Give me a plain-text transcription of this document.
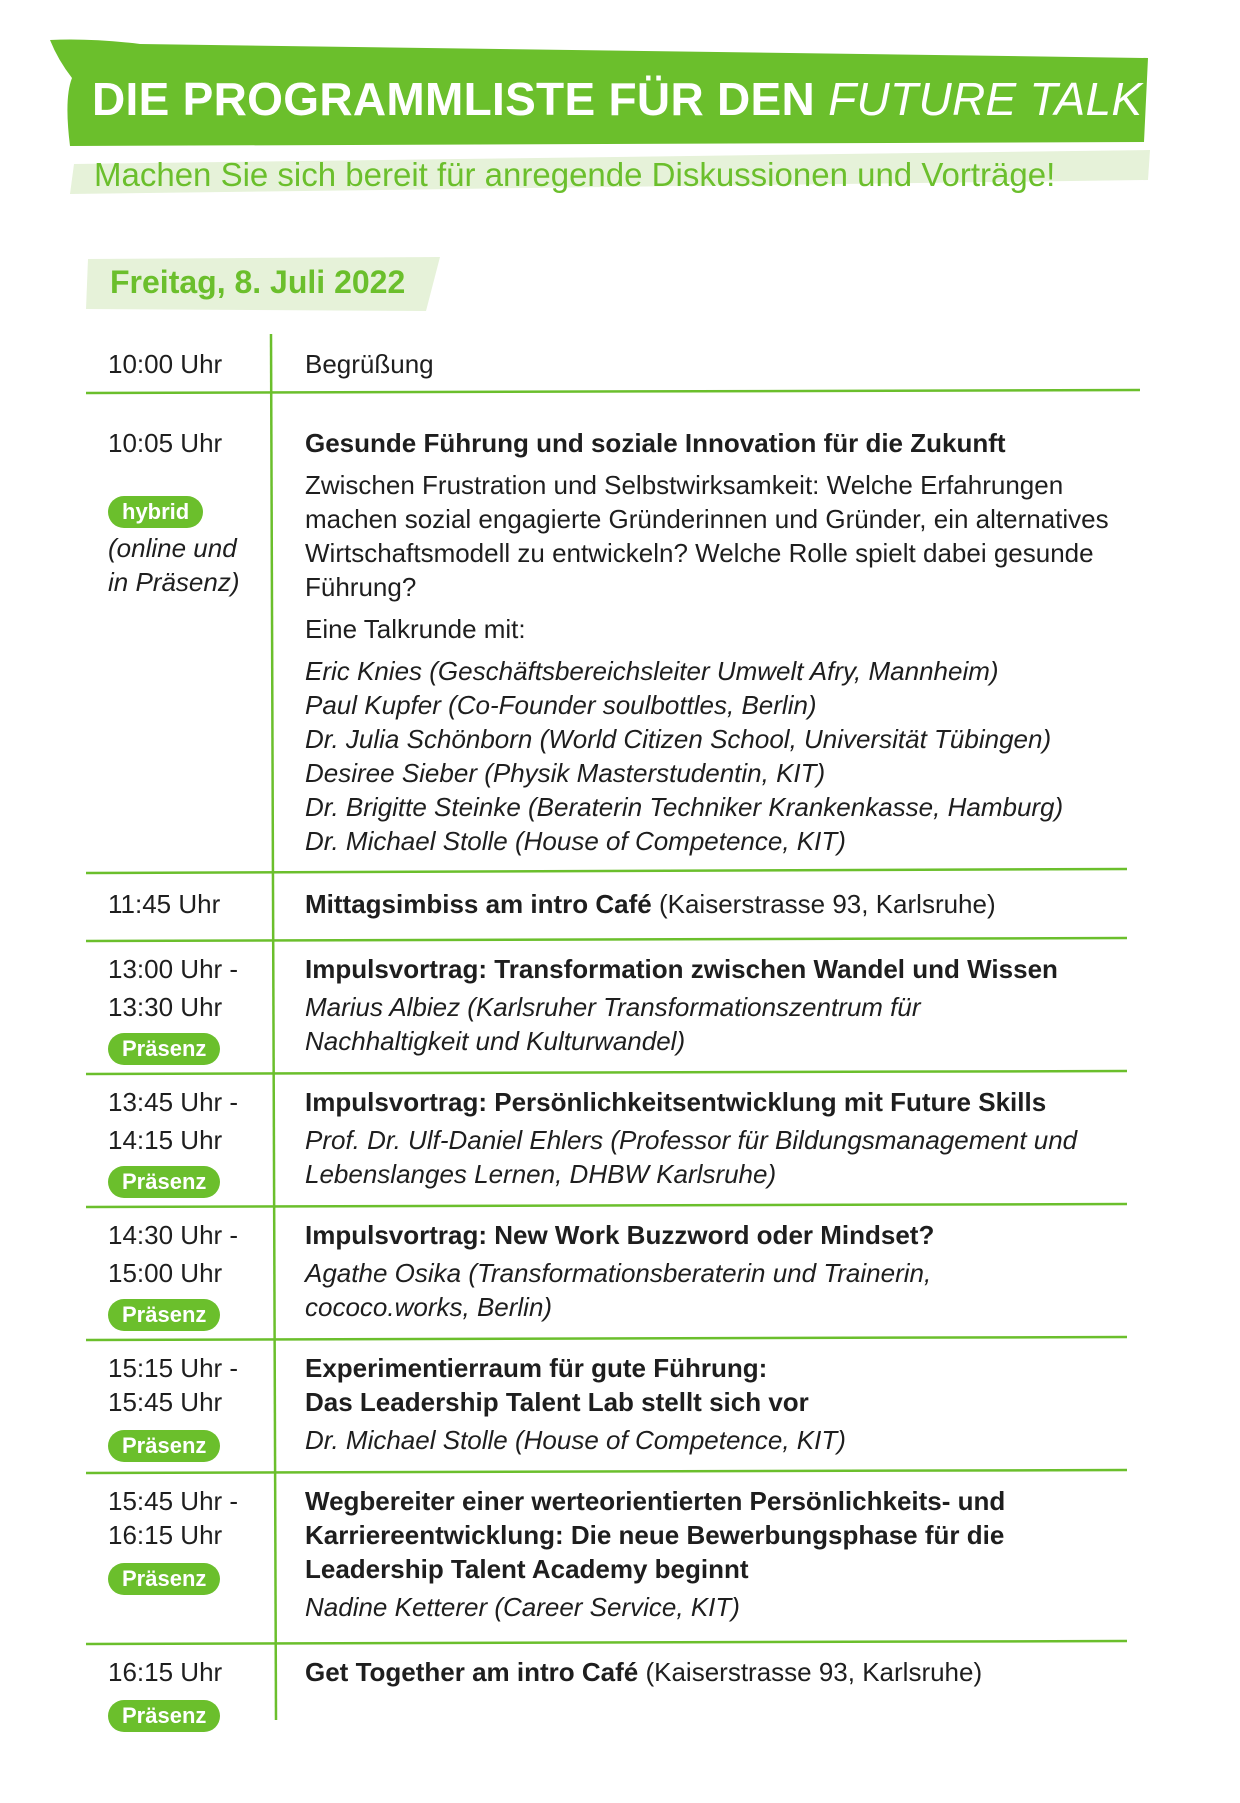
DIE PROGRAMMLISTE FÜR DEN FUTURE TALK
Machen Sie sich bereit für anregende Diskussionen und Vorträge!
Freitag, 8. Juli 2022
10:00 Uhr	Begrüßung
10:05 Uhr
hybrid
(online und
in Präsenz)

Gesunde Führung und soziale Innovation für die Zukunft

Zwischen Frustration und Selbstwirksamkeit: Welche Erfahrungen

machen sozial engagierte Gründerinnen und Gründer, ein alternatives

Wirtschaftsmodell zu entwickeln? Welche Rolle spielt dabei gesunde

Führung?

Eine Talkrunde mit:

Eric Knies (Geschäftsbereichsleiter Umwelt Afry, Mannheim)

Paul Kupfer (Co-Founder soulbottles, Berlin)

Dr. Julia Schönborn (World Citizen School, Universität Tübingen)

Desiree Sieber (Physik Masterstudentin, KIT)

Dr. Brigitte Steinke (Beraterin Techniker Krankenkasse, Hamburg)

Dr. Michael Stolle (House of Competence, KIT)

11:45 Uhr	Mittagsimbiss am intro Café (Kaiserstrasse 93, Karlsruhe)
13:00 Uhr -
13:30 Uhr
Präsenz

Impulsvortrag: Transformation zwischen Wandel und Wissen

Marius Albiez (Karlsruher Transformationszentrum für

Nachhaltigkeit und Kulturwandel)

13:45 Uhr -
14:15 Uhr
Präsenz

Impulsvortrag: Persönlichkeitsentwicklung mit Future Skills

Prof. Dr. Ulf-Daniel Ehlers (Professor für Bildungsmanagement und

Lebenslanges Lernen, DHBW Karlsruhe)

14:30 Uhr -
15:00 Uhr
Präsenz

Impulsvortrag: New Work Buzzword oder Mindset?

Agathe Osika (Transformationsberaterin und Trainerin,

cococo.works, Berlin)

15:15 Uhr -
15:45 Uhr
Präsenz

Experimentierraum für gute Führung:

Das Leadership Talent Lab stellt sich vor

Dr. Michael Stolle (House of Competence, KIT)

15:45 Uhr -
16:15 Uhr
Präsenz

Wegbereiter einer werteorientierten Persönlichkeits- und

Karriereentwicklung: Die neue Bewerbungsphase für die

Leadership Talent Academy beginnt

Nadine Ketterer (Career Service, KIT)

16:15 Uhr
Präsenz
Get Together am intro Café (Kaiserstrasse 93, Karlsruhe)
